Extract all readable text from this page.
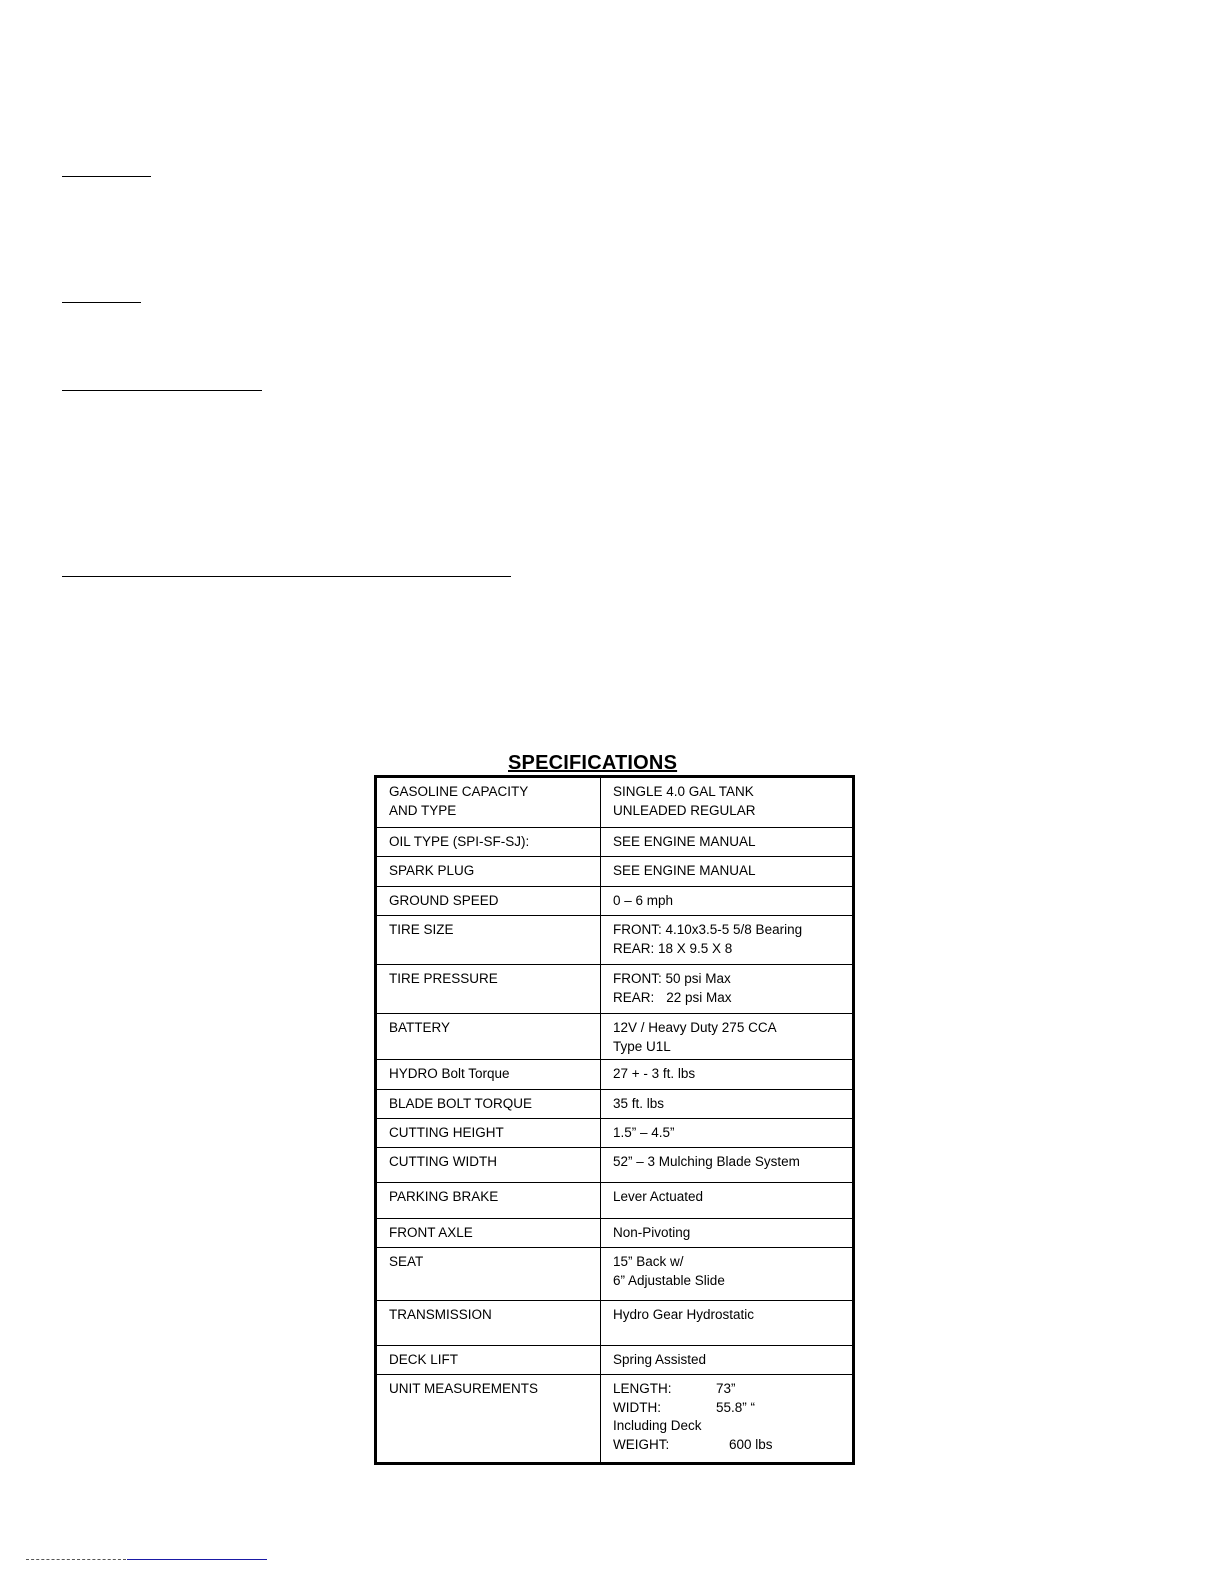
SPECIFICATIONS
GASOLINE CAPACITY
AND TYPE	SINGLE 4.0 GAL TANK
UNLEADED REGULAR

OIL TYPE (SPI-SF-SJ):	SEE ENGINE MANUAL
SPARK PLUG	SEE ENGINE MANUAL
GROUND SPEED	0 – 6 mph
TIRE SIZE	FRONT: 4.10x3.5-5 5/8 Bearing
REAR: 18 X 9.5 X 8

TIRE PRESSURE	FRONT: 50 psi Max
REAR: 22 psi Max

BATTERY	12V / Heavy Duty 275 CCA
Type U1L

HYDRO Bolt Torque	27 + - 3 ft. lbs
BLADE BOLT TORQUE	35 ft. lbs
CUTTING HEIGHT	1.5” – 4.5”
CUTTING WIDTH	52” – 3 Mulching Blade System
PARKING BRAKE	Lever Actuated
FRONT AXLE	Non-Pivoting
SEAT	15” Back w/
6” Adjustable Slide

TRANSMISSION	Hydro Gear Hydrostatic
DECK LIFT	Spring Assisted
UNIT MEASUREMENTS	LENGTH: 73”
WIDTH: 55.8” “
Including Deck
WEIGHT: 600 lbs
